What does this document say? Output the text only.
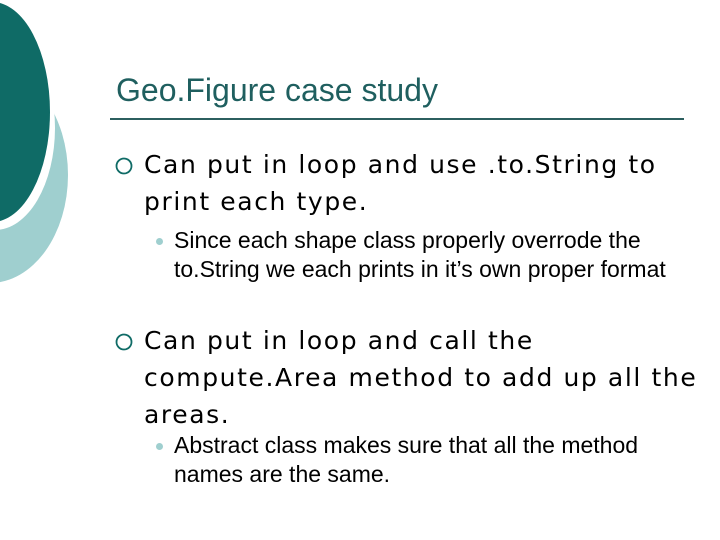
Geo.Figure case study

Can put in loop and use .to.String to print each type.

Since each shape class properly overrode the to.String we each prints in it’s own proper format

Can put in loop and call the compute.Area method to add up all the areas.

Abstract class makes sure that all the method names are the same.
